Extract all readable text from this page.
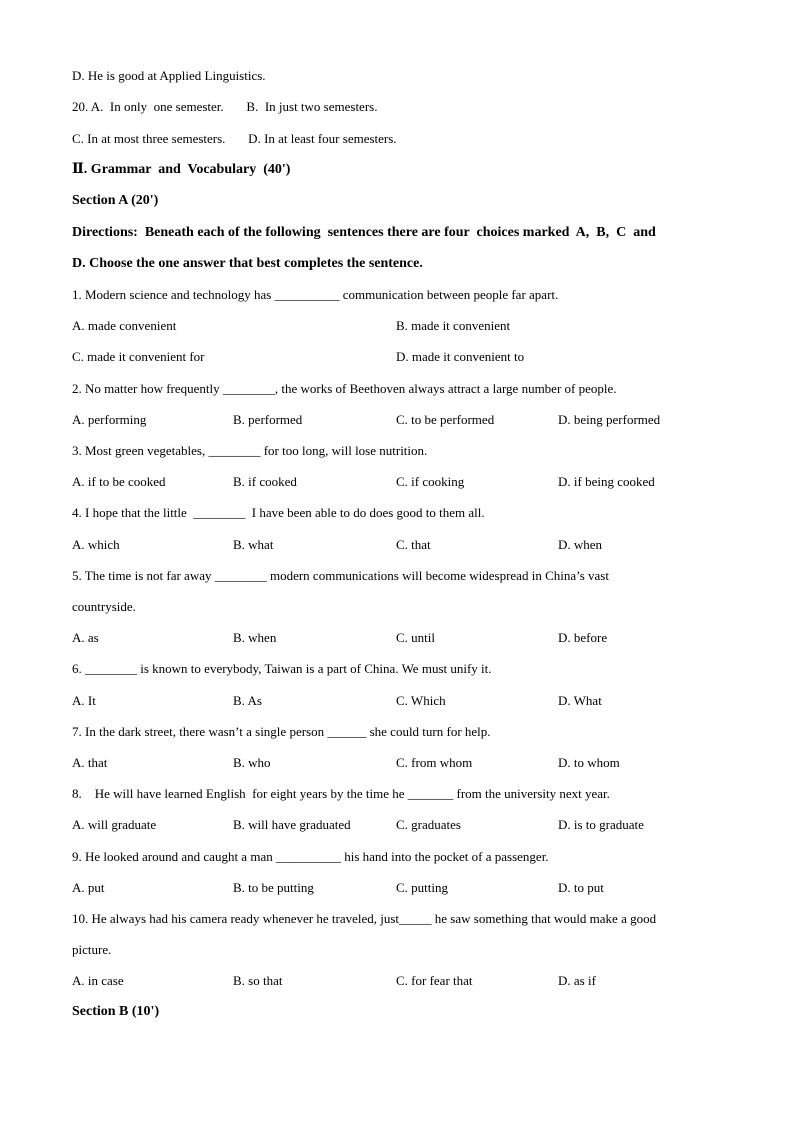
D. He is good at Applied Linguistics.
20. A.  In only  one semester.       B.  In just two semesters.
C. In at most three semesters.       D. In at least four semesters.
Ⅱ. Grammar  and  Vocabulary  (40')
Section A (20')
Directions:  Beneath each of the following  sentences there are four  choices marked  A,  B,  C  and
D. Choose the one answer that best completes the sentence.
1. Modern science and technology has __________ communication between people far apart.
A. made convenient	B. made it convenient
C. made it convenient for	D. made it convenient to
2. No matter how frequently ________, the works of Beethoven always attract a large number of people.
A. performing	B. performed	C. to be performed	D. being performed
3. Most green vegetables, ________ for too long, will lose nutrition.
A. if to be cooked	B. if cooked	C. if cooking	D. if being cooked
4. I hope that the little  ________  I have been able to do does good to them all.
A. which	B. what	C. that	D. when
5. The time is not far away ________ modern communications will become widespread in China’s vast
countryside.
A. as	B. when	C. until	D. before
6. ________ is known to everybody, Taiwan is a part of China. We must unify it.
A. It	B. As	C. Which	D. What
7. In the dark street, there wasn’t a single person ______ she could turn for help.
A. that	B. who	C. from whom	D. to whom
8.    He will have learned English  for eight years by the time he _______ from the university next year.
A. will graduate	B. will have graduated	C. graduates	D. is to graduate
9. He looked around and caught a man __________ his hand into the pocket of a passenger.
A. put	B. to be putting	C. putting	D. to put
10. He always had his camera ready whenever he traveled, just_____ he saw something that would make a good
picture.
A. in case	B. so that	C. for fear that	D. as if
Section B (10')
